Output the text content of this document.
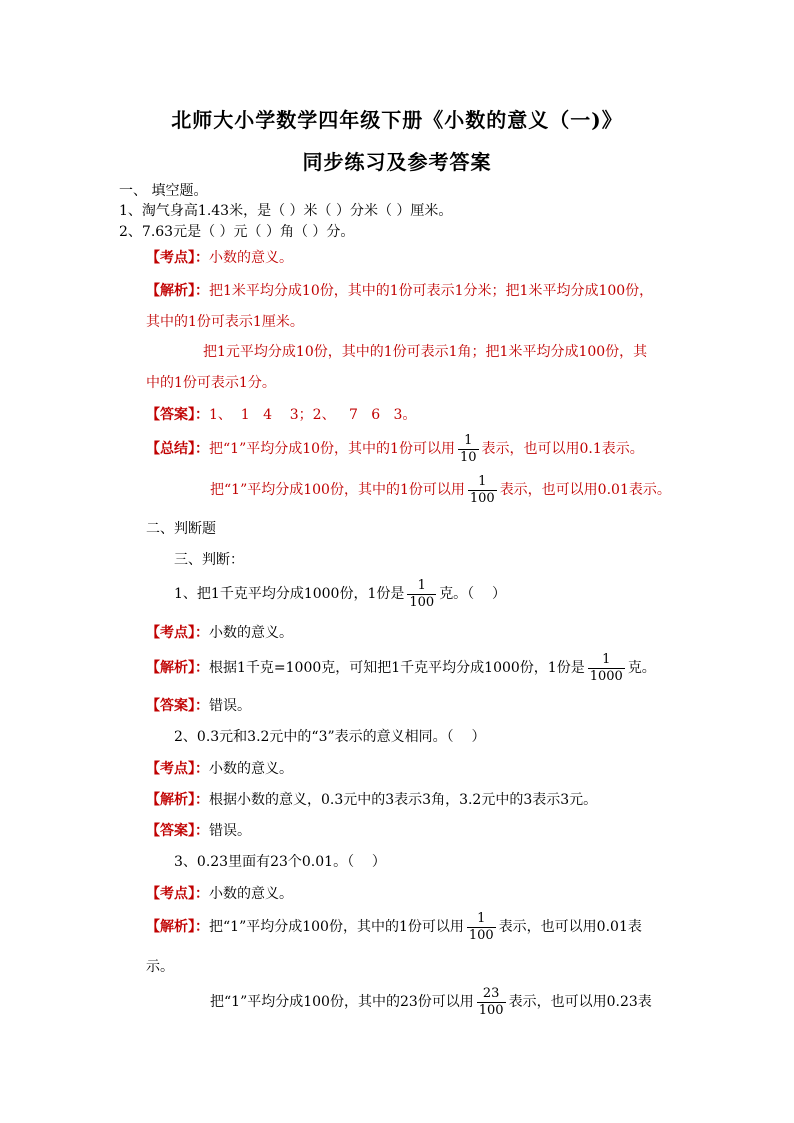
北师大小学数学四年级下册《小数的意义（一)》
同步练习及参考答案
一、 填空题。
1、淘气身高1.43米，是（ ）米（ ）分米（ ）厘米。
2、7.63元是（ ）元（ ）角（ ）分。
【考点】：小数的意义。
【解析】：把1米平均分成10份，其中的1份可表示1分米；把1米平均分成100份，
其中的1份可表示1厘米。
把1元平均分成10份，其中的1份可表示1角；把1米平均分成100份，其
中的1份可表示1分。
【答案】：1、  1   4    3；2、   7   6   3。
【总结】：把“1”平均分成10份，其中的1份可以用 $\frac{1}{10}$ 表示，也可以用0.1表示。
把“1”平均分成100份，其中的1份可以用 $\frac{1}{100}$ 表示，也可以用0.01表示。
二、判断题
三、判断：
1、把1千克平均分成1000份，1份是 $\frac{1}{100}$ 克。（    ）
【考点】：小数的意义。
【解析】：根据1千克=1000克，可知把1千克平均分成1000份，1份是 $\frac{1}{1000}$ 克。
【答案】：错误。
2、0.3元和3.2元中的“3”表示的意义相同。（    ）
【考点】：小数的意义。
【解析】：根据小数的意义，0.3元中的3表示3角，3.2元中的3表示3元。
【答案】：错误。
3、0.23里面有23个0.01。（    ）
【考点】：小数的意义。
【解析】：把“1”平均分成100份，其中的1份可以用 $\frac{1}{100}$ 表示，也可以用0.01表
示。
把“1”平均分成100份，其中的23份可以用 $\frac{23}{100}$ 表示，也可以用0.23表
